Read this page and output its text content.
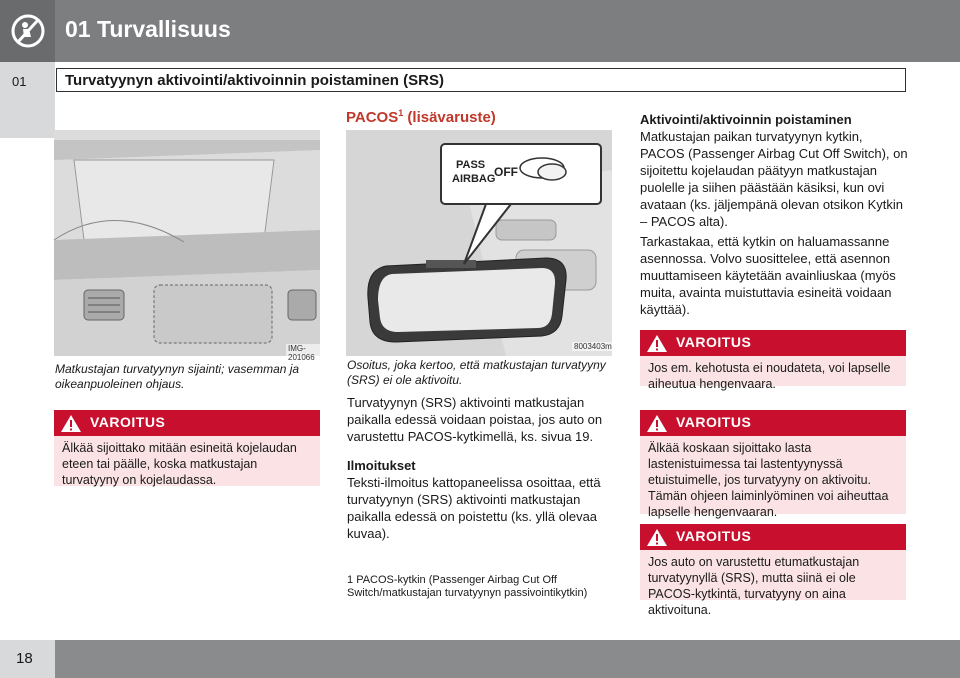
01 Turvallisuus
01	Turvatyynyn aktivointi/aktivoinnin poistaminen (SRS)
IMG-201066
Matkustajan turvatyynyn sijainti; vasemman ja oikeanpuoleinen ohjaus.
VAROITUS
Älkää sijoittako mitään esineitä kojelaudan eteen tai päälle, koska matkustajan turvatyyny on kojelaudassa.
PACOS$^1$ (lisävaruste)
PASS
AIRBAG
OFF
8003403m
Osoitus, joka kertoo, että matkustajan turvatyyny (SRS) ei ole aktivoitu.
Turvatyynyn (SRS) aktivointi matkustajan paikalla edessä voidaan poistaa, jos auto on varustettu PACOS-kytkimellä, ks. sivua 19.
Ilmoitukset
Teksti-ilmoitus kattopaneelissa osoittaa, että turvatyynyn (SRS) aktivointi matkustajan paikalla edessä on poistettu (ks. yllä olevaa kuvaa).
1 PACOS-kytkin (Passenger Airbag Cut Off Switch/matkustajan turvatyynyn passivointikytkin)
Aktivointi/aktivoinnin poistaminen
Matkustajan paikan turvatyynyn kytkin, PACOS (Passenger Airbag Cut Off Switch), on sijoitettu kojelaudan päätyyn matkustajan puolelle ja siihen päästään käsiksi, kun ovi avataan (ks. jäljempänä olevan otsikon Kytkin – PACOS alta).
Tarkastakaa, että kytkin on haluamassanne asennossa. Volvo suosittelee, että asennon muuttamiseen käytetään avainliuskaa (myös muita, avainta muistuttavia esineitä voidaan käyttää).
VAROITUS
Jos em. kehotusta ei noudateta, voi lapselle aiheutua hengenvaara.
VAROITUS
Älkää koskaan sijoittako lasta lastenistuimessa tai lastentyynyssä etuistuimelle, jos turvatyyny on aktivoitu. Tämän ohjeen laiminlyöminen voi aiheuttaa lapselle hengenvaaran.
VAROITUS
Jos auto on varustettu etumatkustajan turvatyynyllä (SRS), mutta siinä ei ole PACOS-kytkintä, turvatyyny on aina aktivoituna.
18
